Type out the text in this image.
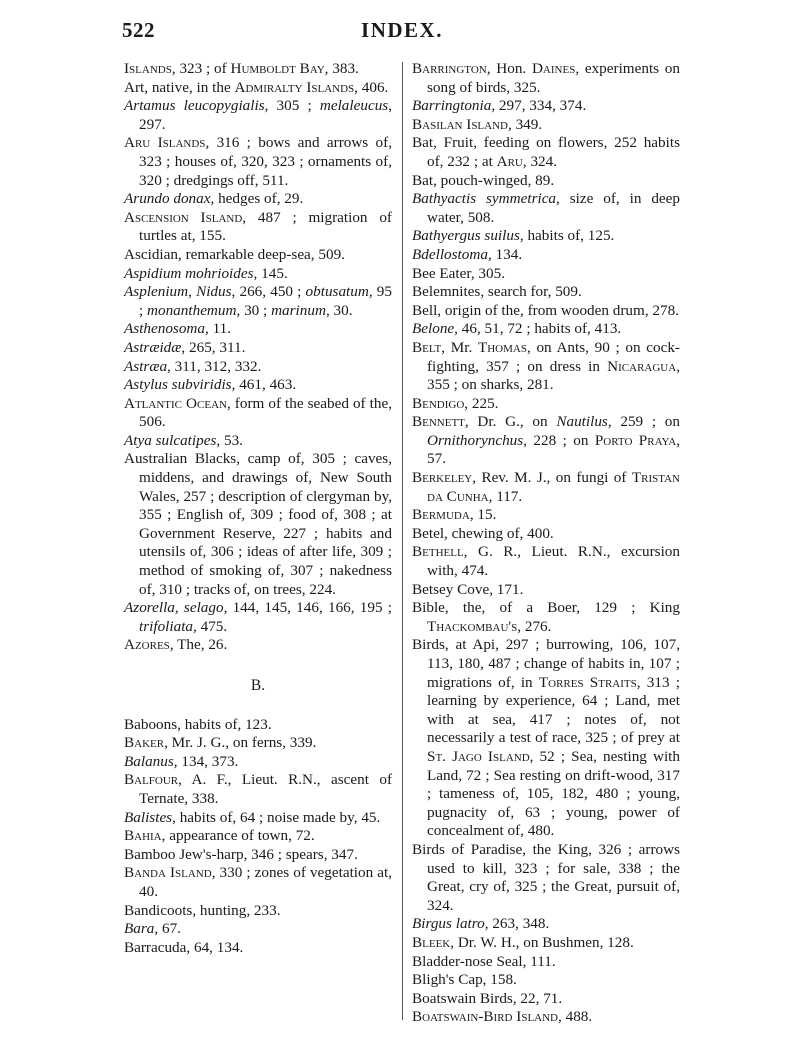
522	INDEX.

Islands, 323 ; of Humboldt Bay, 383.

Art, native, in the Admiralty Islands, 406.

Artamus leucopygialis, 305 ; melaleucus, 297.

Aru Islands, 316 ; bows and arrows of, 323 ; houses of, 320, 323 ; ornaments of, 320 ; dredgings off, 511.

Arundo donax, hedges of, 29.

Ascension Island, 487 ; migration of turtles at, 155.

Ascidian, remarkable deep-sea, 509.

Aspidium mohrioides, 145.

Asplenium, Nidus, 266, 450 ; obtusatum, 95 ; monanthemum, 30 ; marinum, 30.

Asthenosoma, 11.

Astræidæ, 265, 311.

Astræa, 311, 312, 332.

Astylus subviridis, 461, 463.

Atlantic Ocean, form of the seabed of the, 506.

Atya sulcatipes, 53.

Australian Blacks, camp of, 305 ; caves, middens, and drawings of, New South Wales, 257 ; description of clergyman by, 355 ; English of, 309 ; food of, 308 ; at Government Reserve, 227 ; habits and utensils of, 306 ; ideas of after life, 309 ; method of smoking of, 307 ; nakedness of, 310 ; tracks of, on trees, 224.

Azorella, selago, 144, 145, 146, 166, 195 ; trifoliata, 475.

Azores, The, 26.

B.

Baboons, habits of, 123.

Baker, Mr. J. G., on ferns, 339.

Balanus, 134, 373.

Balfour, A. F., Lieut. R.N., ascent of Ternate, 338.

Balistes, habits of, 64 ; noise made by, 45.

Bahia, appearance of town, 72.

Bamboo Jew's-harp, 346 ; spears, 347.

Banda Island, 330 ; zones of vegetation at, 40.

Bandicoots, hunting, 233.

Bara, 67.

Barracuda, 64, 134.

Barrington, Hon. Daines, experiments on song of birds, 325.

Barringtonia, 297, 334, 374.

Basilan Island, 349.

Bat, Fruit, feeding on flowers, 252 habits of, 232 ; at Aru, 324.

Bat, pouch-winged, 89.

Bathyactis symmetrica, size of, in deep water, 508.

Bathyergus suilus, habits of, 125.

Bdellostoma, 134.

Bee Eater, 305.

Belemnites, search for, 509.

Bell, origin of the, from wooden drum, 278.

Belone, 46, 51, 72 ; habits of, 413.

Belt, Mr. Thomas, on Ants, 90 ; on cock-fighting, 357 ; on dress in Nicaragua, 355 ; on sharks, 281.

Bendigo, 225.

Bennett, Dr. G., on Nautilus, 259 ; on Ornithorynchus, 228 ; on Porto Praya, 57.

Berkeley, Rev. M. J., on fungi of Tristan da Cunha, 117.

Bermuda, 15.

Betel, chewing of, 400.

Bethell, G. R., Lieut. R.N., excursion with, 474.

Betsey Cove, 171.

Bible, the, of a Boer, 129 ; King Thackombau's, 276.

Birds, at Api, 297 ; burrowing, 106, 107, 113, 180, 487 ; change of habits in, 107 ; migrations of, in Torres Straits, 313 ; learning by experience, 64 ; Land, met with at sea, 417 ; notes of, not necessarily a test of race, 325 ; of prey at St. Jago Island, 52 ; Sea, nesting with Land, 72 ; Sea resting on drift-wood, 317 ; tameness of, 105, 182, 480 ; young, pugnacity of, 63 ; young, power of concealment of, 480.

Birds of Paradise, the King, 326 ; arrows used to kill, 323 ; for sale, 338 ; the Great, cry of, 325 ; the Great, pursuit of, 324.

Birgus latro, 263, 348.

Bleek, Dr. W. H., on Bushmen, 128.

Bladder-nose Seal, 111.

Bligh's Cap, 158.

Boatswain Birds, 22, 71.

Boatswain-Bird Island, 488.
